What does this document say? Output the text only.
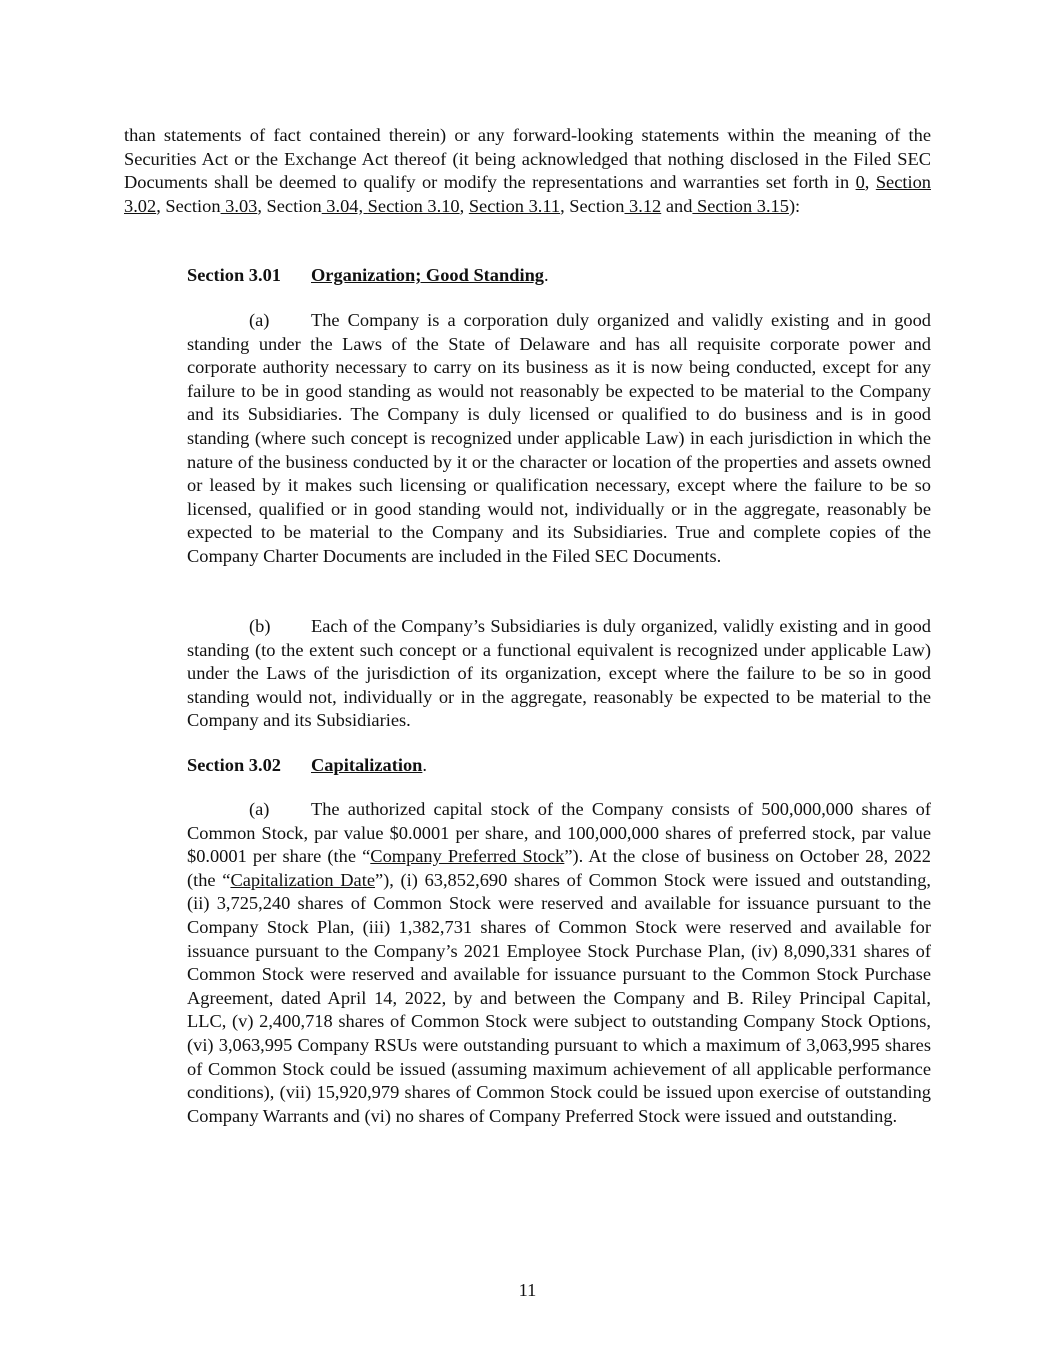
than statements of fact contained therein) or any forward-looking statements within the meaning of the Securities Act or the Exchange Act thereof (it being acknowledged that nothing disclosed in the Filed SEC Documents shall be deemed to qualify or modify the representations and warranties set forth in 0, Section 3.02, Section 3.03, Section 3.04, Section 3.10, Section 3.11, Section 3.12 and Section 3.15):

Section 3.01 Organization; Good Standing.

(a) The Company is a corporation duly organized and validly existing and in good standing under the Laws of the State of Delaware and has all requisite corporate power and corporate authority necessary to carry on its business as it is now being conducted, except for any failure to be in good standing as would not reasonably be expected to be material to the Company and its Subsidiaries. The Company is duly licensed or qualified to do business and is in good standing (where such concept is recognized under applicable Law) in each jurisdiction in which the nature of the business conducted by it or the character or location of the properties and assets owned or leased by it makes such licensing or qualification necessary, except where the failure to be so licensed, qualified or in good standing would not, individually or in the aggregate, reasonably be expected to be material to the Company and its Subsidiaries. True and complete copies of the Company Charter Documents are included in the Filed SEC Documents.

(b) Each of the Company’s Subsidiaries is duly organized, validly existing and in good standing (to the extent such concept or a functional equivalent is recognized under applicable Law) under the Laws of the jurisdiction of its organization, except where the failure to be so in good standing would not, individually or in the aggregate, reasonably be expected to be material to the Company and its Subsidiaries.

Section 3.02 Capitalization.

(a) The authorized capital stock of the Company consists of 500,000,000 shares of Common Stock, par value $0.0001 per share, and 100,000,000 shares of preferred stock, par value $0.0001 per share (the “Company Preferred Stock”). At the close of business on October 28, 2022 (the “Capitalization Date”), (i) 63,852,690 shares of Common Stock were issued and outstanding, (ii) 3,725,240 shares of Common Stock were reserved and available for issuance pursuant to the Company Stock Plan, (iii) 1,382,731 shares of Common Stock were reserved and available for issuance pursuant to the Company’s 2021 Employee Stock Purchase Plan, (iv) 8,090,331 shares of Common Stock were reserved and available for issuance pursuant to the Common Stock Purchase Agreement, dated April 14, 2022, by and between the Company and B. Riley Principal Capital, LLC, (v) 2,400,718 shares of Common Stock were subject to outstanding Company Stock Options, (vi) 3,063,995 Company RSUs were outstanding pursuant to which a maximum of 3,063,995 shares of Common Stock could be issued (assuming maximum achievement of all applicable performance conditions), (vii) 15,920,979 shares of Common Stock could be issued upon exercise of outstanding Company Warrants and (vi) no shares of Company Preferred Stock were issued and outstanding.

11
